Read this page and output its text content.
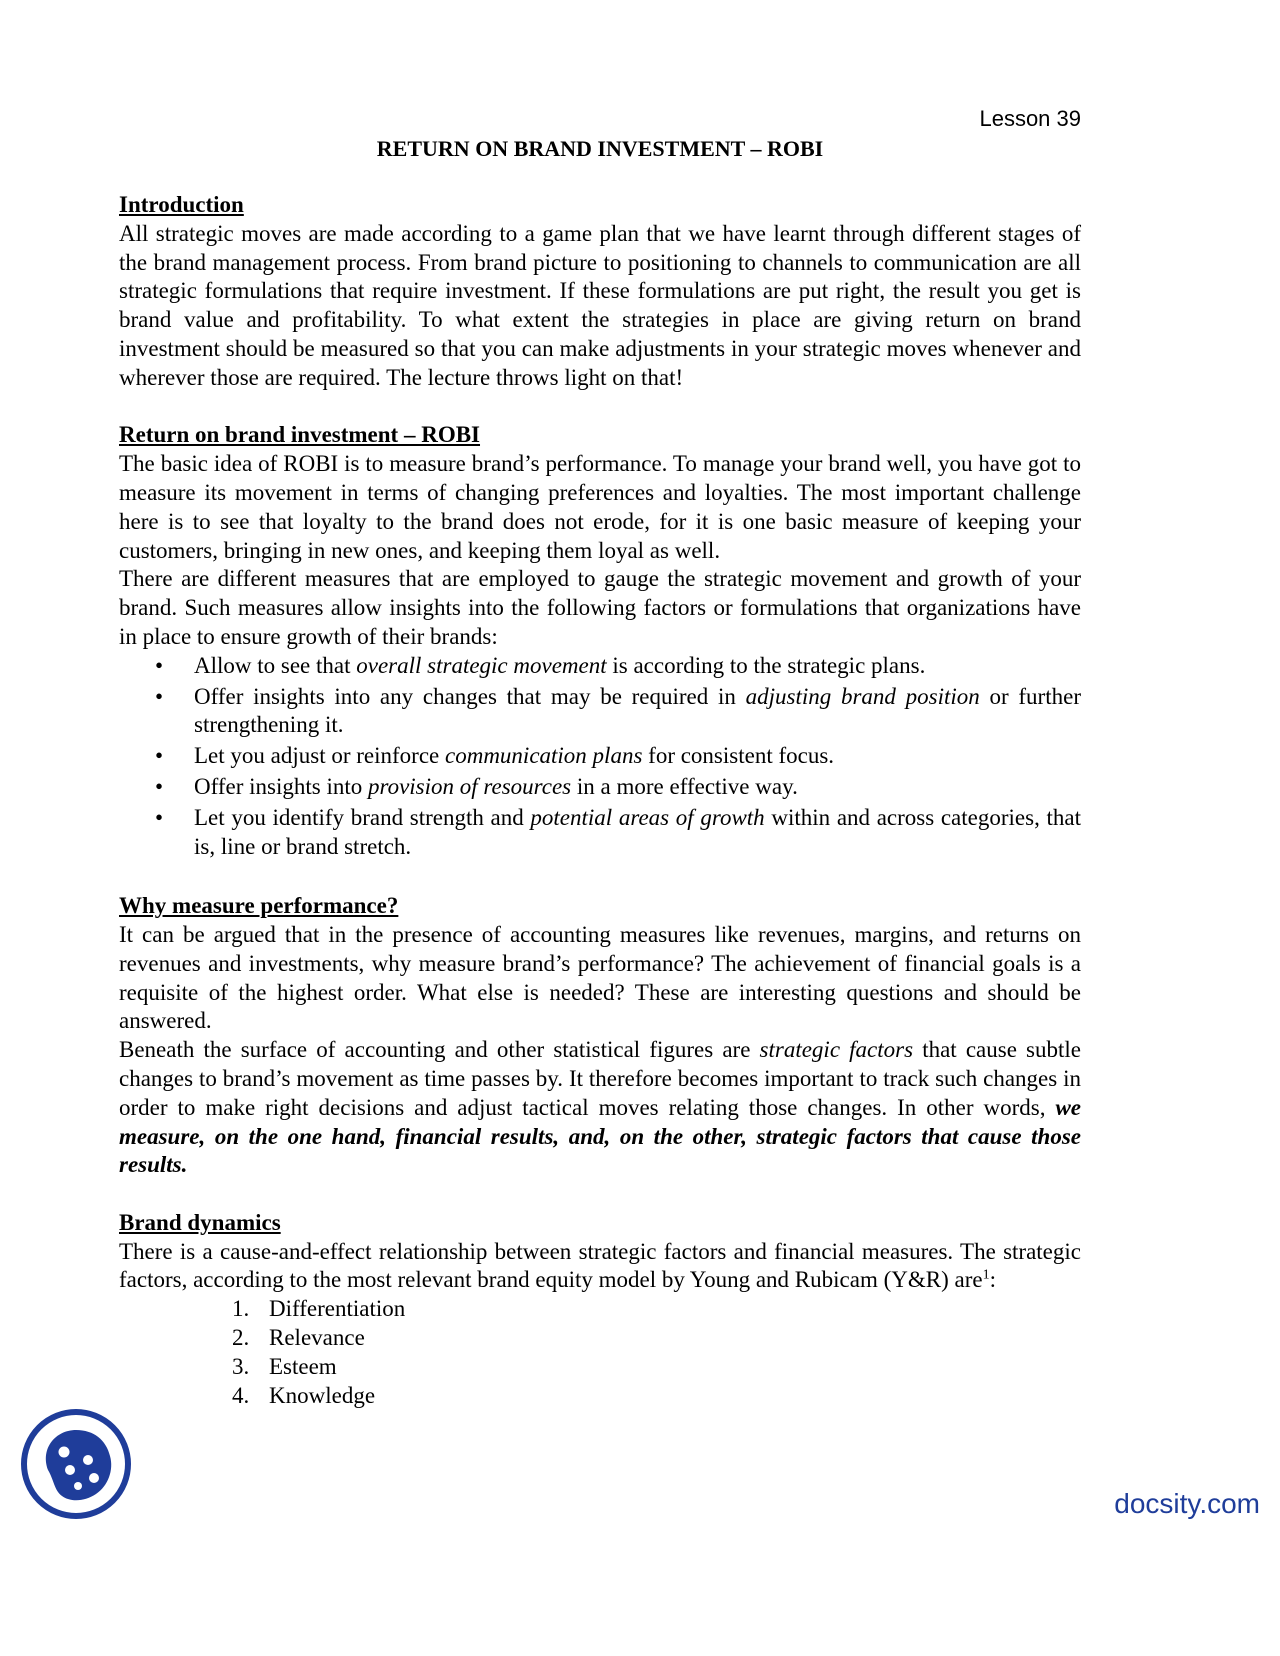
Lesson 39
RETURN ON BRAND INVESTMENT – ROBI
Introduction

All strategic moves are made according to a game plan that we have learnt through different stages of the brand management process. From brand picture to positioning to channels to communication are all strategic formulations that require investment. If these formulations are put right, the result you get is brand value and profitability. To what extent the strategies in place are giving return on brand investment should be measured so that you can make adjustments in your strategic moves whenever and wherever those are required. The lecture throws light on that!

Return on brand investment – ROBI

The basic idea of ROBI is to measure brand’s performance. To manage your brand well, you have got to measure its movement in terms of changing preferences and loyalties. The most important challenge here is to see that loyalty to the brand does not erode, for it is one basic measure of keeping your customers, bringing in new ones, and keeping them loyal as well.

There are different measures that are employed to gauge the strategic movement and growth of your brand. Such measures allow insights into the following factors or formulations that organizations have in place to ensure growth of their brands:

• Allow to see that overall strategic movement is according to the strategic plans.
• Offer insights into any changes that may be required in adjusting brand position or further strengthening it.
• Let you adjust or reinforce communication plans for consistent focus.
• Offer insights into provision of resources in a more effective way.
• Let you identify brand strength and potential areas of growth within and across categories, that is, line or brand stretch.
Why measure performance?

It can be argued that in the presence of accounting measures like revenues, margins, and returns on revenues and investments, why measure brand’s performance? The achievement of financial goals is a requisite of the highest order. What else is needed? These are interesting questions and should be answered.

Beneath the surface of accounting and other statistical figures are strategic factors that cause subtle changes to brand’s movement as time passes by. It therefore becomes important to track such changes in order to make right decisions and adjust tactical moves relating those changes. In other words, we measure, on the one hand, financial results, and, on the other, strategic factors that cause those results.

Brand dynamics

There is a cause-and-effect relationship between strategic factors and financial measures. The strategic factors, according to the most relevant brand equity model by Young and Rubicam (Y&R) are$^1$:

1. Differentiation
2. Relevance
3. Esteem
4. Knowledge
docsity.com
